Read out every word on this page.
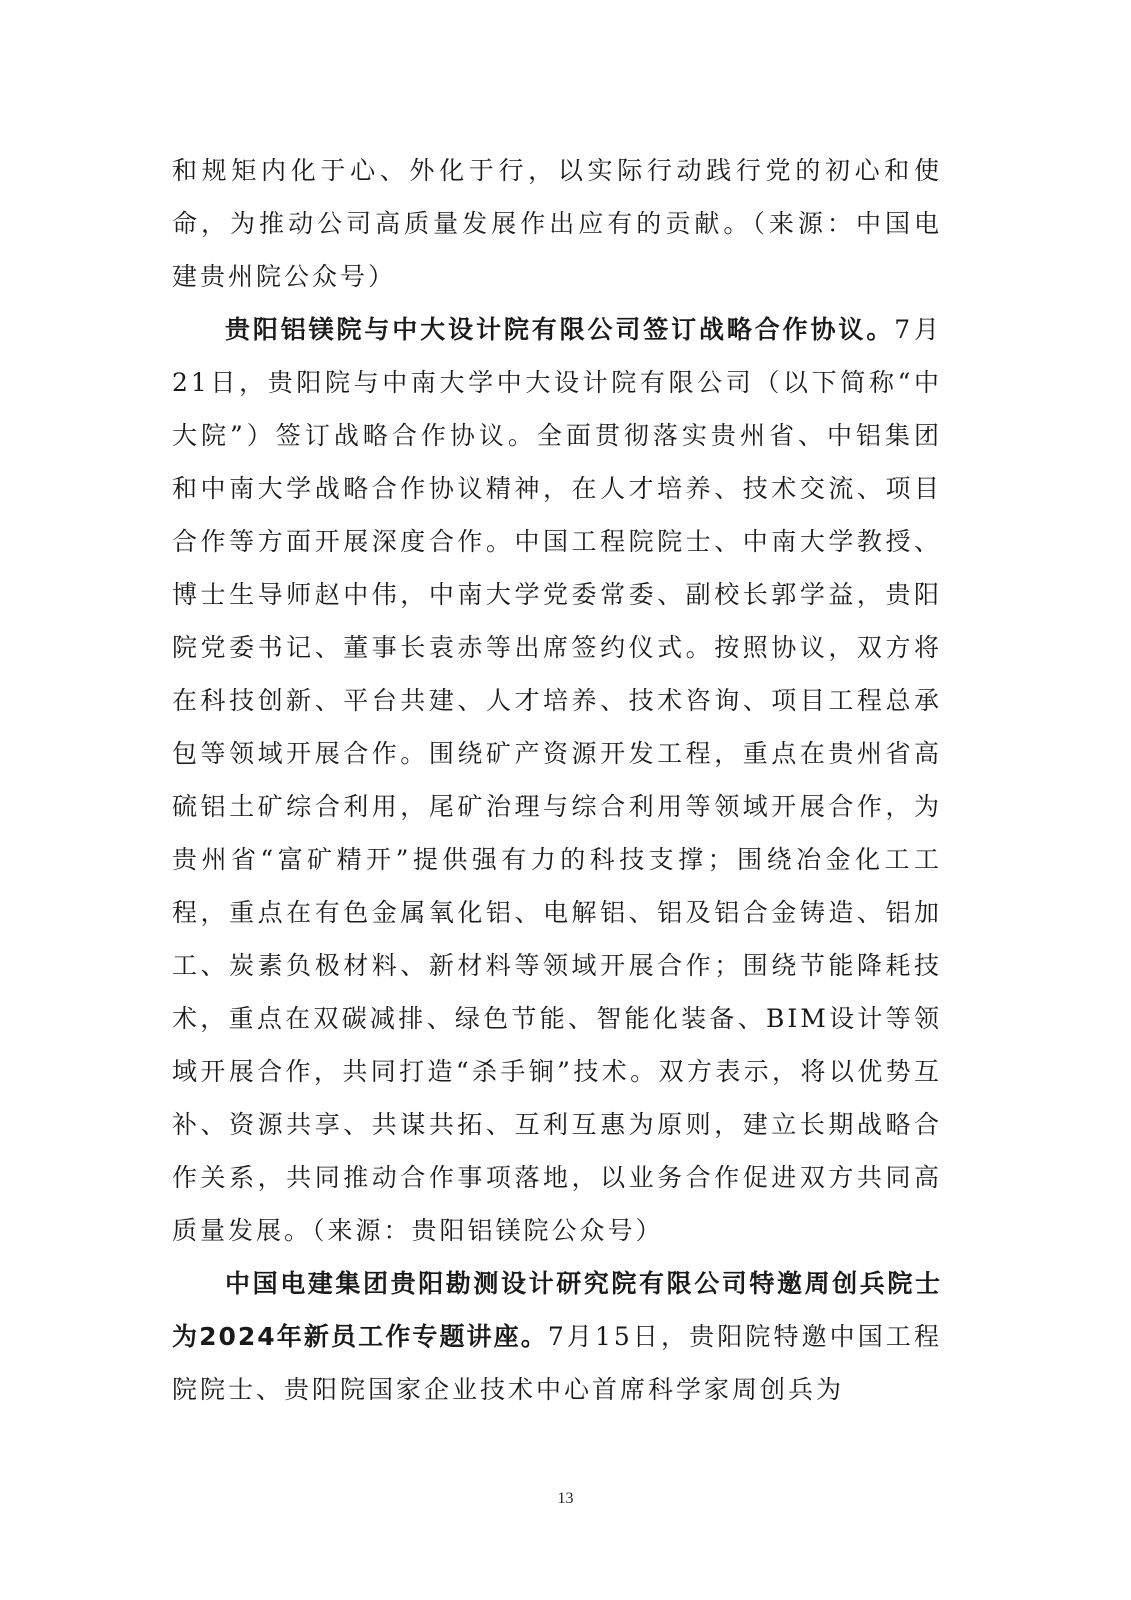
和规矩内化于心、外化于行，以实际行动践行党的初心和使命，为推动公司高质量发展作出应有的贡献。（来源：中国电建贵州院公众号）

贵阳铝镁院与中大设计院有限公司签订战略合作协议。7月21日，贵阳院与中南大学中大设计院有限公司（以下简称“中大院”）签订战略合作协议。全面贯彻落实贵州省、中铝集团和中南大学战略合作协议精神，在人才培养、技术交流、项目合作等方面开展深度合作。中国工程院院士、中南大学教授、博士生导师赵中伟，中南大学党委常委、副校长郭学益，贵阳院党委书记、董事长袁赤等出席签约仪式。按照协议，双方将在科技创新、平台共建、人才培养、技术咨询、项目工程总承包等领域开展合作。围绕矿产资源开发工程，重点在贵州省高硫铝土矿综合利用，尾矿治理与综合利用等领域开展合作，为贵州省“富矿精开”提供强有力的科技支撑；围绕冶金化工工程，重点在有色金属氧化铝、电解铝、铝及铝合金铸造、铝加工、炭素负极材料、新材料等领域开展合作；围绕节能降耗技术，重点在双碳减排、绿色节能、智能化装备、BIM设计等领域开展合作，共同打造“杀手锏”技术。双方表示，将以优势互补、资源共享、共谋共拓、互利互惠为原则，建立长期战略合作关系，共同推动合作事项落地，以业务合作促进双方共同高质量发展。（来源：贵阳铝镁院公众号）

中国电建集团贵阳勘测设计研究院有限公司特邀周创兵院士为2024年新员工作专题讲座。7月15日，贵阳院特邀中国工程院院士、贵阳院国家企业技术中心首席科学家周创兵为

13
